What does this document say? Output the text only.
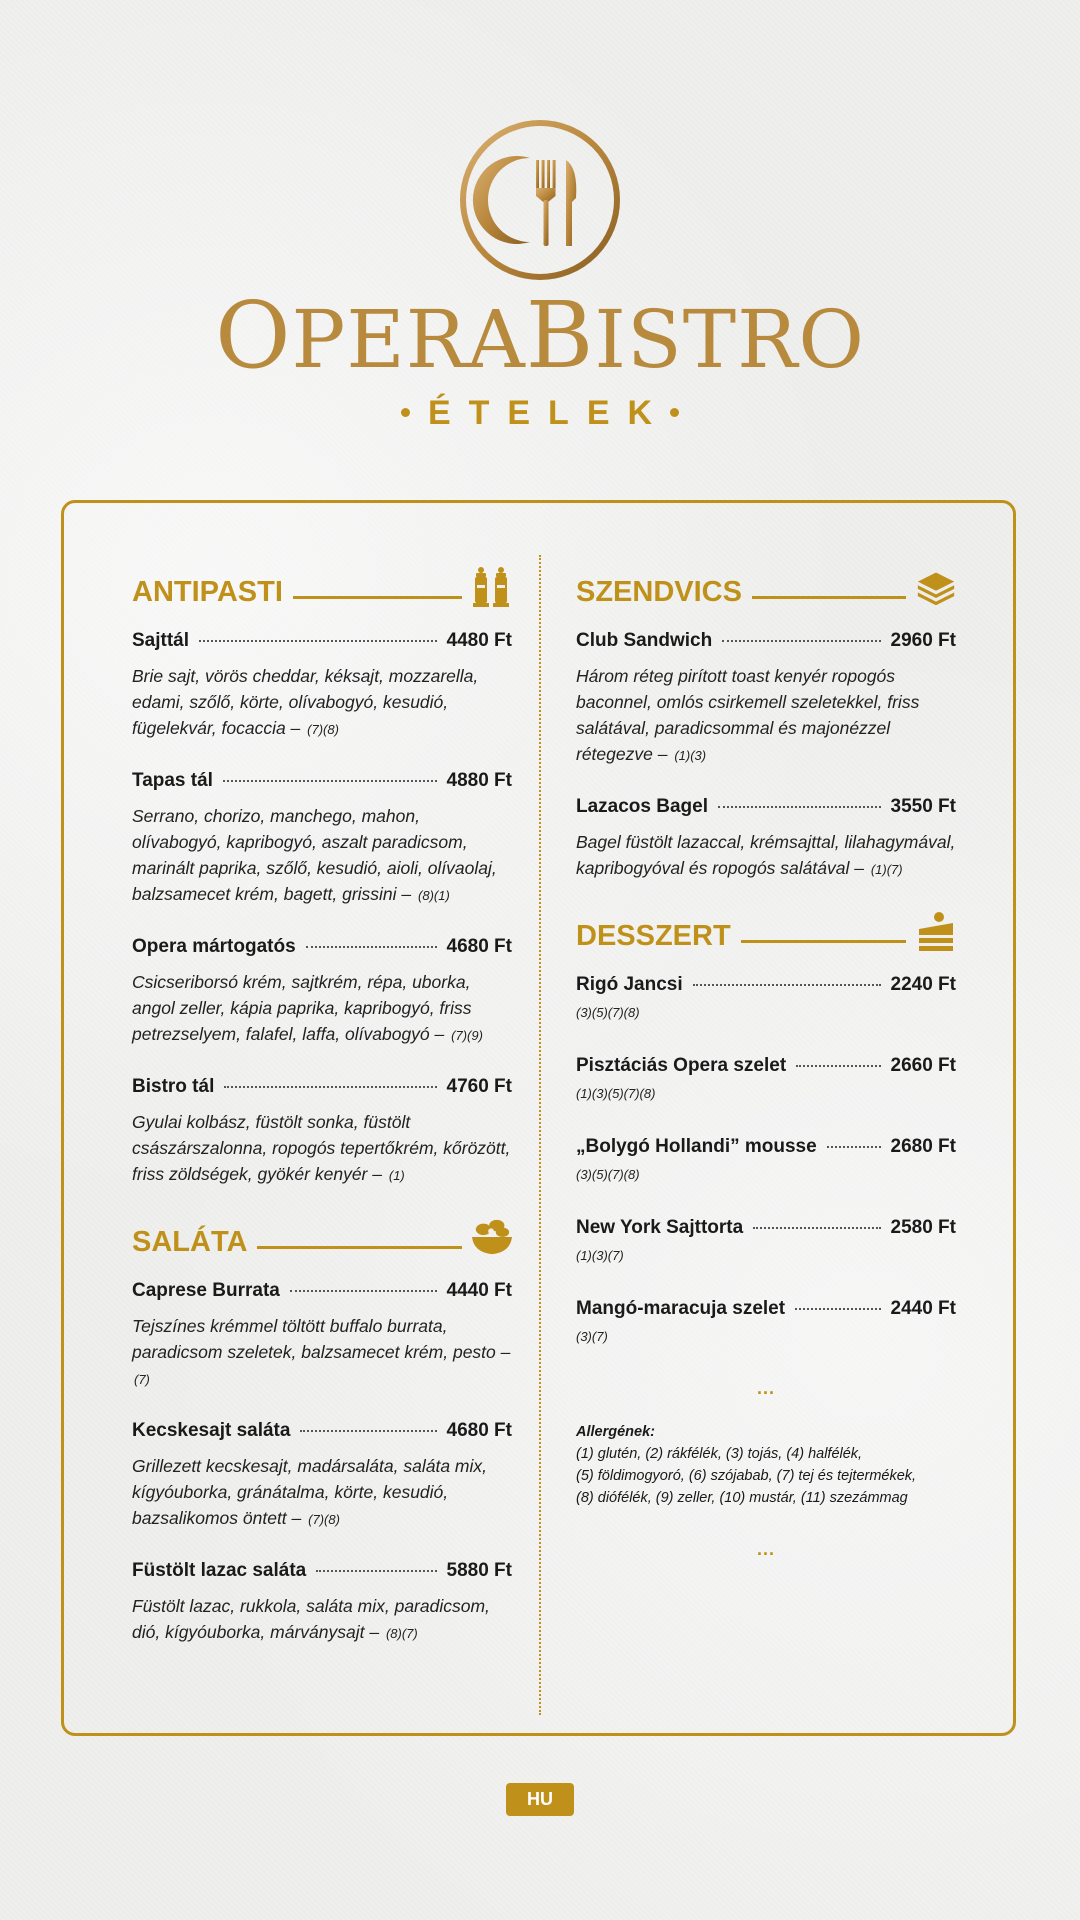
OPERABISTRO
ÉTELEK
ANTIPASTI
Sajttál	4480 Ft
Brie sajt, vörös cheddar, kéksajt, mozzarella, edami, szőlő, körte, olívabogyó, kesudió, fügelekvár, focaccia – (7)(8)
Tapas tál	4880 Ft
Serrano, chorizo, manchego, mahon, olívabogyó, kapribogyó, aszalt paradicsom, marinált paprika, szőlő, kesudió, aioli, olívaolaj, balzsamecet krém, bagett, grissini – (8)(1)
Opera mártogatós	4680 Ft
Csicseriborsó krém, sajtkrém, répa, uborka, angol zeller, kápia paprika, kapribogyó, friss petrezselyem, falafel, laffa, olívabogyó – (7)(9)
Bistro tál	4760 Ft
Gyulai kolbász, füstölt sonka, füstölt császárszalonna, ropogós tepertőkrém, kőrözött, friss zöldségek, gyökér kenyér – (1)
SALÁTA
Caprese Burrata	4440 Ft
Tejszínes krémmel töltött buffalo burrata, paradicsom szeletek, balzsamecet krém, pesto – (7)
Kecskesajt saláta	4680 Ft
Grillezett kecskesajt, madársaláta, saláta mix, kígyóuborka, gránátalma, körte, kesudió, bazsalikomos öntett – (7)(8)
Füstölt lazac saláta	5880 Ft
Füstölt lazac, rukkola, saláta mix, paradicsom, dió, kígyóuborka, márványsajt – (8)(7)
SZENDVICS
Club Sandwich	2960 Ft
Három réteg pirított toast kenyér ropogós baconnel, omlós csirkemell szeletekkel, friss salátával, paradicsommal és majonézzel rétegezve – (1)(3)
Lazacos Bagel	3550 Ft
Bagel füstölt lazaccal, krémsajttal, lilahagymával, kapribogyóval és ropogós salátával – (1)(7)
DESSZERT
Rigó Jancsi	2240 Ft
(3)(5)(7)(8)
Pisztáciás Opera szelet	2660 Ft
(1)(3)(5)(7)(8)
„Bolygó Hollandi” mousse	2680 Ft
(3)(5)(7)(8)
New York Sajttorta	2580 Ft
(1)(3)(7)
Mangó-maracuja szelet	2440 Ft
(3)(7)
...
Allergének:
(1) glutén, (2) rákfélék, (3) tojás, (4) halfélék,
(5) földimogyoró, (6) szójabab, (7) tej és tejtermékek,
(8) diófélék, (9) zeller, (10) mustár, (11) szezámmag
...
HU
